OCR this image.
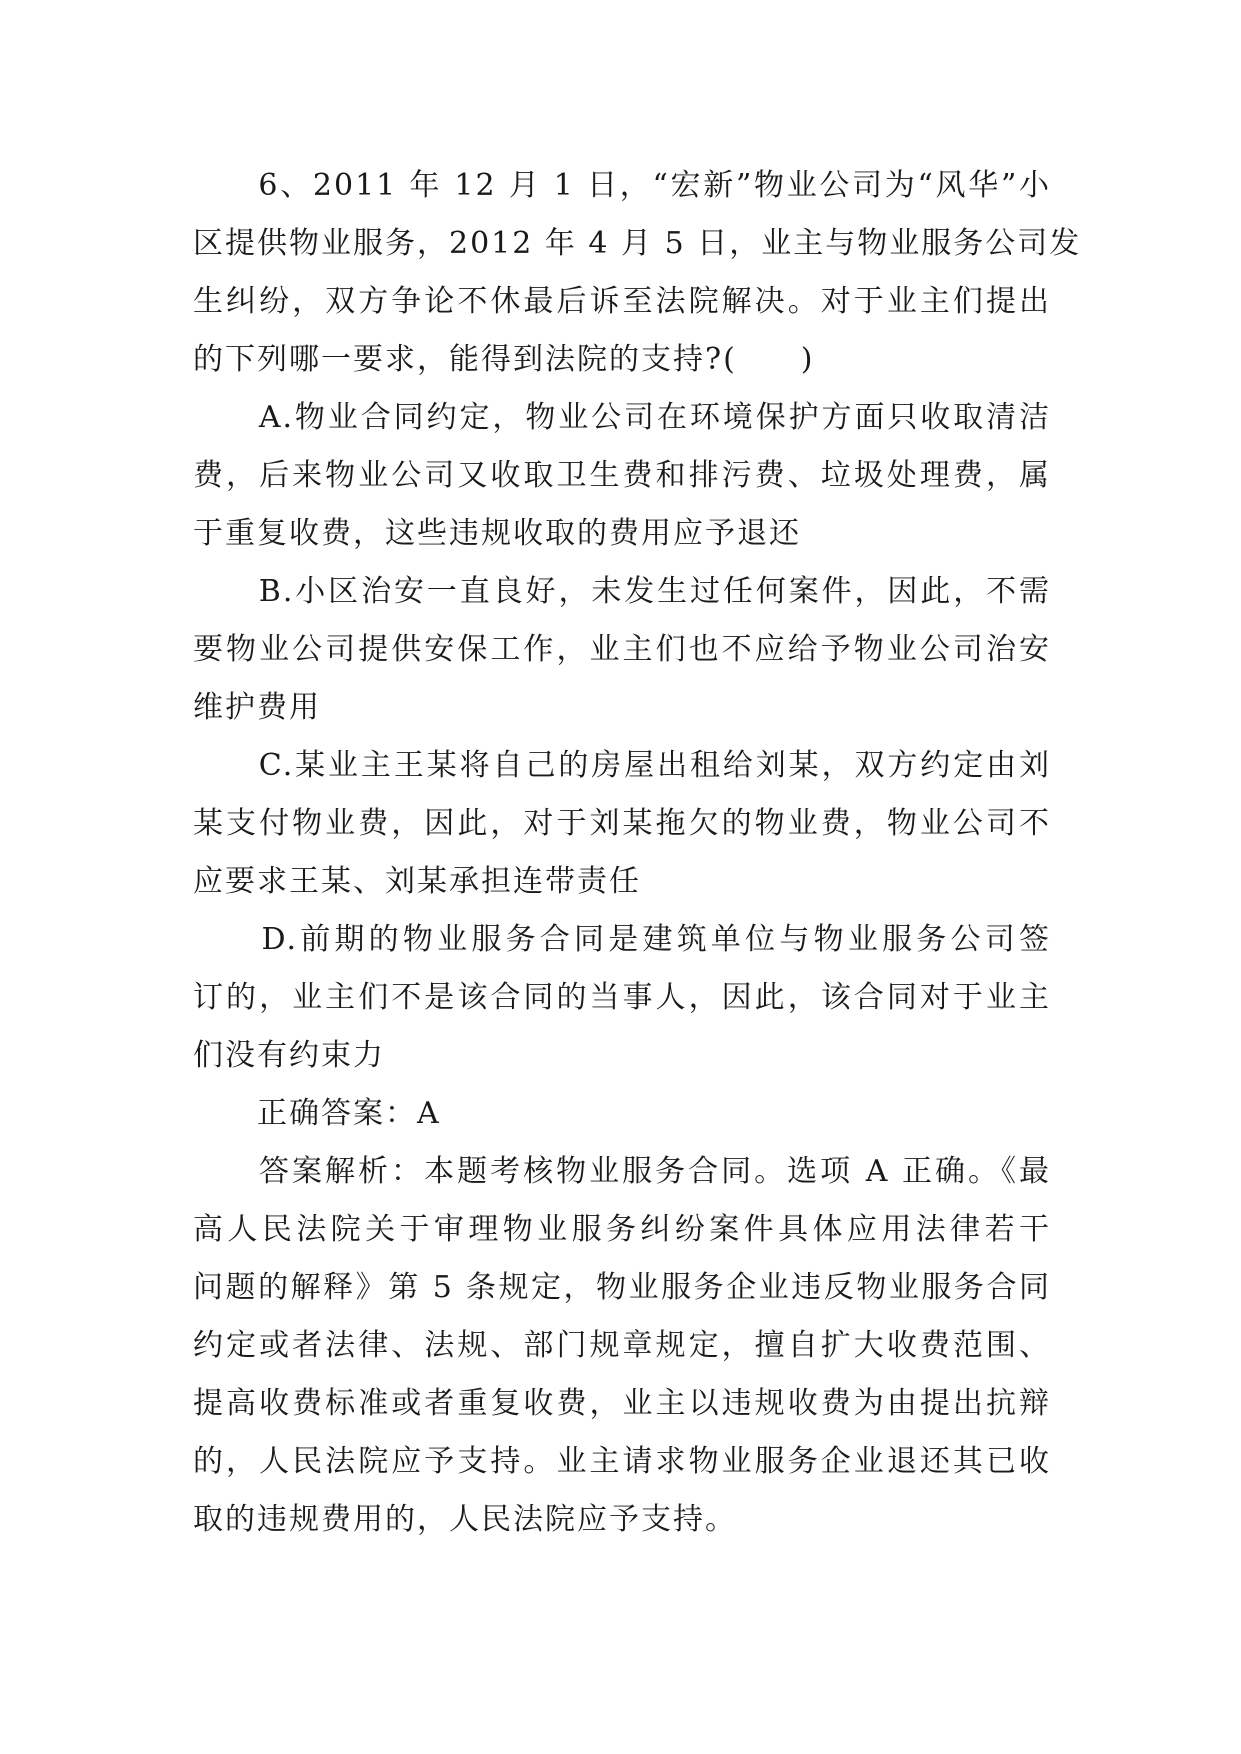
　　6、2011 年 12 月 1 日，“宏新”物业公司为“风华”小
区提供物业服务，2012 年 4 月 5 日，业主与物业服务公司发
生纠纷，双方争论不休最后诉至法院解决。对于业主们提出
的下列哪一要求，能得到法院的支持?(　　)
　　A.物业合同约定，物业公司在环境保护方面只收取清洁
费，后来物业公司又收取卫生费和排污费、垃圾处理费，属
于重复收费，这些违规收取的费用应予退还
　　B.小区治安一直良好，未发生过任何案件，因此，不需
要物业公司提供安保工作，业主们也不应给予物业公司治安
维护费用
　　C.某业主王某将自己的房屋出租给刘某，双方约定由刘
某支付物业费，因此，对于刘某拖欠的物业费，物业公司不
应要求王某、刘某承担连带责任
　　D.前期的物业服务合同是建筑单位与物业服务公司签
订的，业主们不是该合同的当事人，因此，该合同对于业主
们没有约束力
　　正确答案：A
　　答案解析：本题考核物业服务合同。选项 A 正确。《最
高人民法院关于审理物业服务纠纷案件具体应用法律若干
问题的解释》第 5 条规定，物业服务企业违反物业服务合同
约定或者法律、法规、部门规章规定，擅自扩大收费范围、
提高收费标准或者重复收费，业主以违规收费为由提出抗辩
的，人民法院应予支持。业主请求物业服务企业退还其已收
取的违规费用的，人民法院应予支持。
